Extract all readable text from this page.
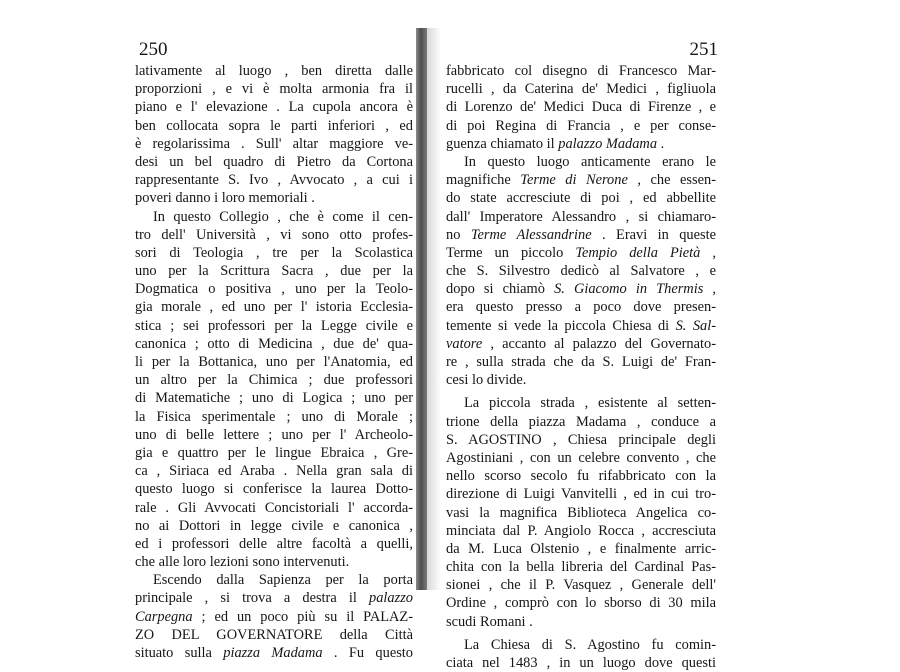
250
lativamente al luogo , ben diretta dalle
proporzioni , e vi è molta armonia fra il
piano e l' elevazione . La cupola ancora è
ben collocata sopra le parti inferiori , ed
è regolarissima . Sull' altar maggiore ve-
desi un bel quadro di Pietro da Cortona
rappresentante S. Ivo , Avvocato , a cui i
poveri danno i loro memoriali .
In questo Collegio , che è come il cen-
tro dell' Università , vi sono otto profes-
sori di Teologia , tre per la Scolastica
uno per la Scrittura Sacra , due per la
Dogmatica o positiva , uno per la Teolo-
gia morale , ed uno per l' istoria Ecclesia-
stica ; sei professori per la Legge civile e
canonica ; otto di Medicina , due de' qua-
li per la Bottanica, uno per l'Anatomia, ed
un altro per la Chimica ; due professori
di Matematiche ; uno di Logica ; uno per
la Fisica sperimentale ; uno di Morale ;
uno di belle lettere ; uno per l' Archeolo-
gia e quattro per le lingue Ebraica , Gre-
ca , Siriaca ed Araba . Nella gran sala di
questo luogo si conferisce la laurea Dotto-
rale . Gli Avvocati Concistoriali l' accorda-
no ai Dottori in legge civile e canonica ,
ed i professori delle altre facoltà a quelli,
che alle loro lezioni sono intervenuti.
Escendo dalla Sapienza per la porta
principale , si trova a destra il palazzo
Carpegna ; ed un poco più su il PALAZ-
ZO DEL GOVERNATORE della Città
situato sulla piazza Madama . Fu questo
251
fabbricato col disegno di Francesco Mar-
rucelli , da Caterina de' Medici , figliuola
di Lorenzo de' Medici Duca di Firenze , e
di poi Regina di Francia , e per conse-
guenza chiamato il palazzo Madama .
In questo luogo anticamente erano le
magnifiche Terme di Nerone , che essen-
do state accresciute di poi , ed abbellite
dall' Imperatore Alessandro , si chiamaro-
no Terme Alessandrine . Eravi in queste
Terme un piccolo Tempio della Pietà ,
che S. Silvestro dedicò al Salvatore , e
dopo si chiamò S. Giacomo in Thermis ,
era questo presso a poco dove presen-
temente si vede la piccola Chiesa di S. Sal-
vatore , accanto al palazzo del Governato-
re , sulla strada che da S. Luigi de' Fran-
cesi lo divide.
La piccola strada , esistente al setten-
trione della piazza Madama , conduce a
S. AGOSTINO , Chiesa principale degli
Agostiniani , con un celebre convento , che
nello scorso secolo fu rifabbricato con la
direzione di Luigi Vanvitelli , ed in cui tro-
vasi la magnifica Biblioteca Angelica co-
minciata dal P. Angiolo Rocca , accresciuta
da M. Luca Olstenio , e finalmente arric-
chita con la bella libreria del Cardinal Pas-
sionei , che il P. Vasquez , Generale dell'
Ordine , comprò con lo sborso di 30 mila
scudi Romani .
La Chiesa di S. Agostino fu comin-
ciata nel 1483 , in un luogo dove questi
